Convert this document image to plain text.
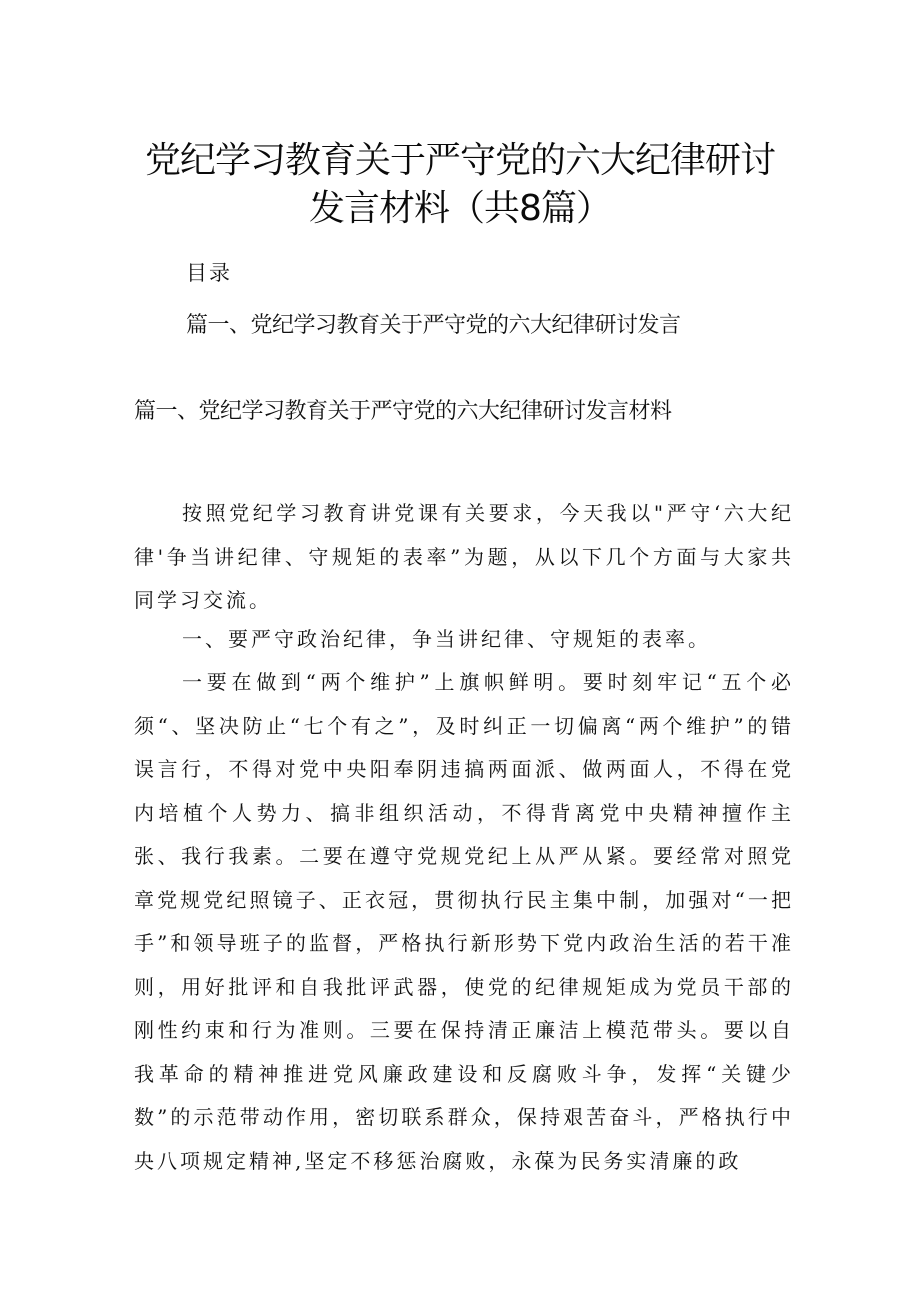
党纪学习教育关于严守党的六大纪律研讨
发言材料（共8篇）
目录
篇一、党纪学习教育关于严守党的六大纪律研讨发言
篇一、党纪学习教育关于严守党的六大纪律研讨发言材料

按照党纪学习教育讲党课有关要求，今天我以"严守‘六大纪律'争当讲纪律、守规矩的表率”为题，从以下几个方面与大家共同学习交流。

一、要严守政治纪律，争当讲纪律、守规矩的表率。

一要在做到“两个维护”上旗帜鲜明。要时刻牢记“五个必须“、坚决防止“七个有之”，及时纠正一切偏离“两个维护”的错误言行，不得对党中央阳奉阴违搞两面派、做两面人，不得在党内培植个人势力、搞非组织活动，不得背离党中央精神擅作主张、我行我素。二要在遵守党规党纪上从严从紧。要经常对照党章党规党纪照镜子、正衣冠，贯彻执行民主集中制，加强对“一把手”和领导班子的监督，严格执行新形势下党内政治生活的若干准则，用好批评和自我批评武器，使党的纪律规矩成为党员干部的刚性约束和行为准则。三要在保持清正廉洁上模范带头。要以自我革命的精神推进党风廉政建设和反腐败斗争，发挥“关键少数”的示范带动作用，密切联系群众，保持艰苦奋斗，严格执行中央八项规定精神,坚定不移惩治腐败，永葆为民务实清廉的政
